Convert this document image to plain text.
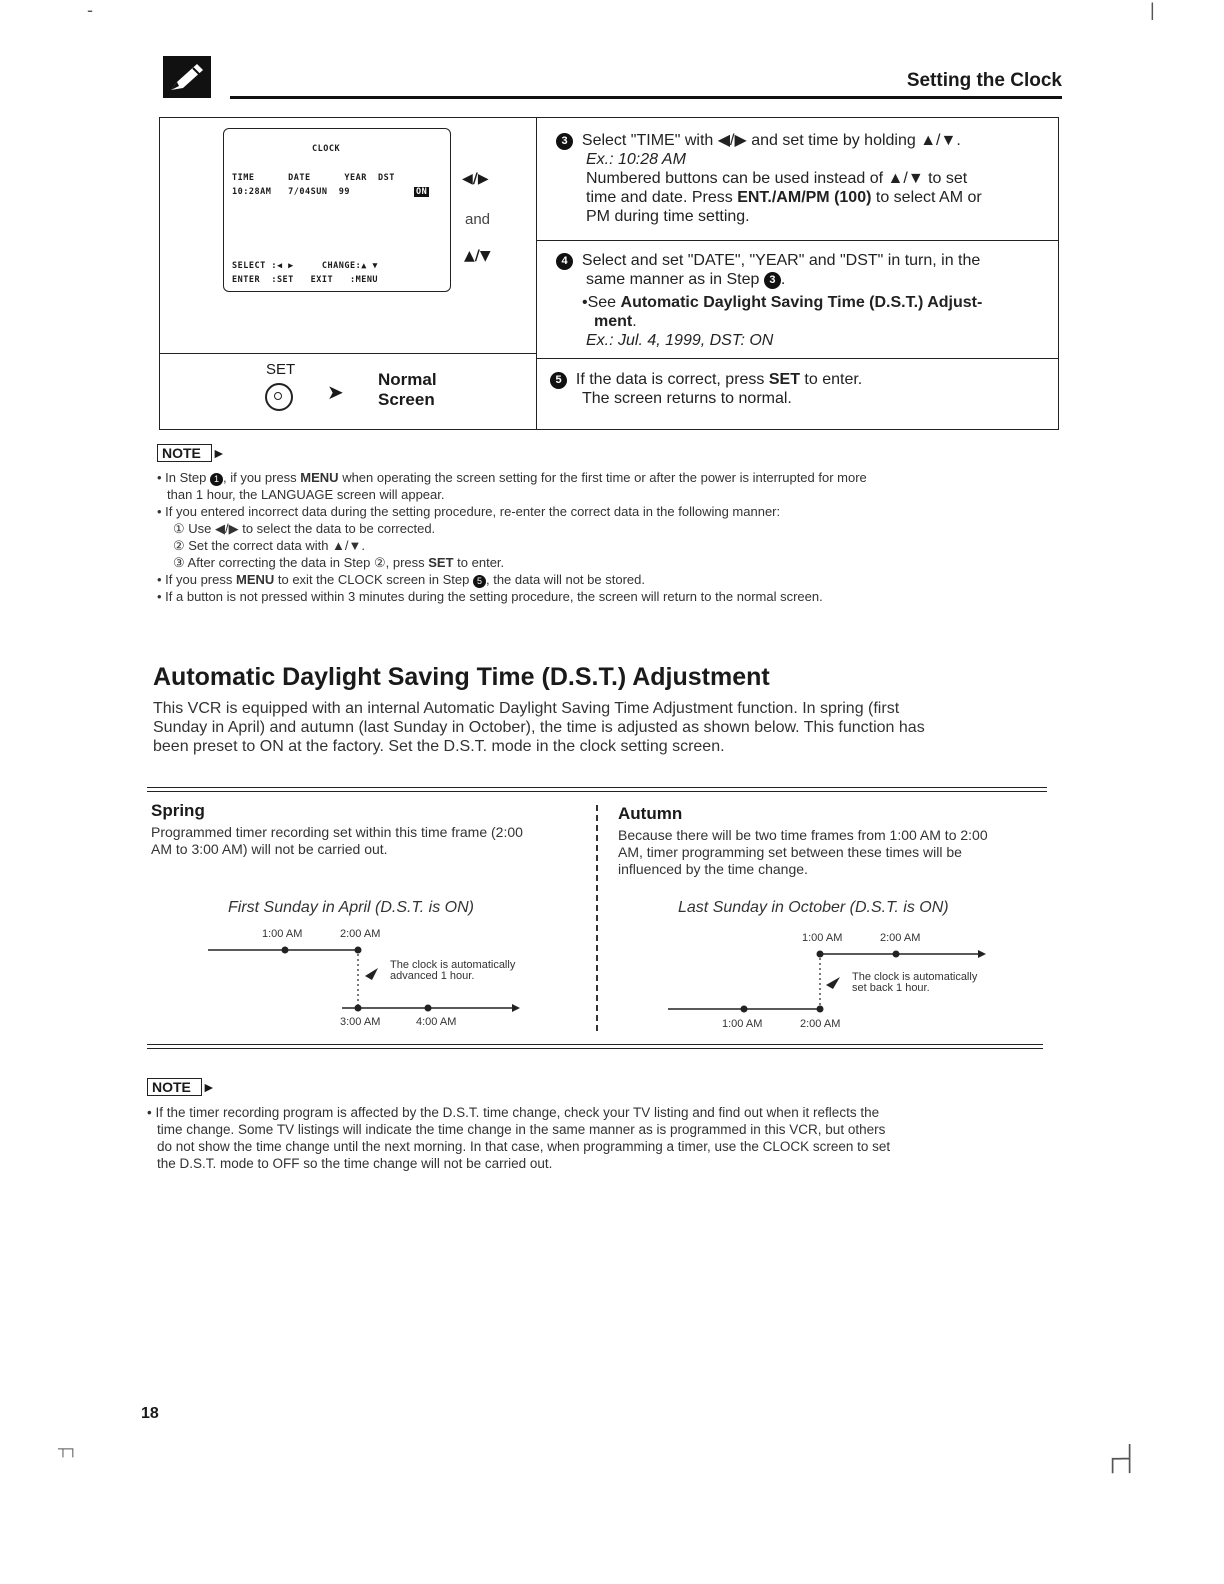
Setting the Clock
CLOCK
TIME      DATE      YEAR  DST
10:28AM   7/04SUN  99	ON
SELECT :◀ ▶     CHANGE:▲ ▼
ENTER  :SET   EXIT   :MENU
◀/▶
and
▲/▼
SET
➤
Normal
Screen
3 Select "TIME" with ◀/▶ and set time by holding ▲/▼.
Ex.: 10:28 AM
Numbered buttons can be used instead of ▲/▼ to set
time and date. Press ENT./AM/PM (100) to select AM or
PM during time setting.
4 Select and set "DATE", "YEAR" and "DST" in turn, in the
same manner as in Step 3 .
•See Automatic Daylight Saving Time (D.S.T.) Adjust-
ment.
Ex.: Jul. 4, 1999, DST: ON
5 If the data is correct, press SET to enter.
The screen returns to normal.
NOTE ►
• In Step 1 , if you press MENU when operating the screen setting for the first time or after the power is interrupted for more
than 1 hour, the LANGUAGE screen will appear.
• If you entered incorrect data during the setting procedure, re-enter the correct data in the following manner:
① Use ◀/▶ to select the data to be corrected.
② Set the correct data with ▲/▼.
③ After correcting the data in Step ②, press SET to enter.
• If you press MENU to exit the CLOCK screen in Step 5 , the data will not be stored.
• If a button is not pressed within 3 minutes during the setting procedure, the screen will return to the normal screen.
Automatic Daylight Saving Time (D.S.T.) Adjustment
This VCR is equipped with an internal Automatic Daylight Saving Time Adjustment function. In spring (first
Sunday in April) and autumn (last Sunday in October), the time is adjusted as shown below. This function has
been preset to ON at the factory. Set the D.S.T. mode in the clock setting screen.
Spring
Programmed timer recording set within this time frame (2:00
AM to 3:00 AM) will not be carried out.
First Sunday in April (D.S.T. is ON)
1:00 AM	2:00 AM
The clock is automatically
advanced 1 hour.
3:00 AM	4:00 AM
Autumn
Because there will be two time frames from 1:00 AM to 2:00
AM, timer programming set between these times will be
influenced by the time change.
Last Sunday in October (D.S.T. is ON)
1:00 AM	2:00 AM
The clock is automatically
set back 1 hour.
1:00 AM	2:00 AM
NOTE ►
• If the timer recording program is affected by the D.S.T. time change, check your TV listing and find out when it reflects the
time change. Some TV listings will indicate the time change in the same manner as is programmed in this VCR, but others
do not show the time change until the next morning. In that case, when programming a timer, use the CLOCK screen to set
the D.S.T. mode to OFF so the time change will not be carried out.
18
-	|
┌┤
┬┐
